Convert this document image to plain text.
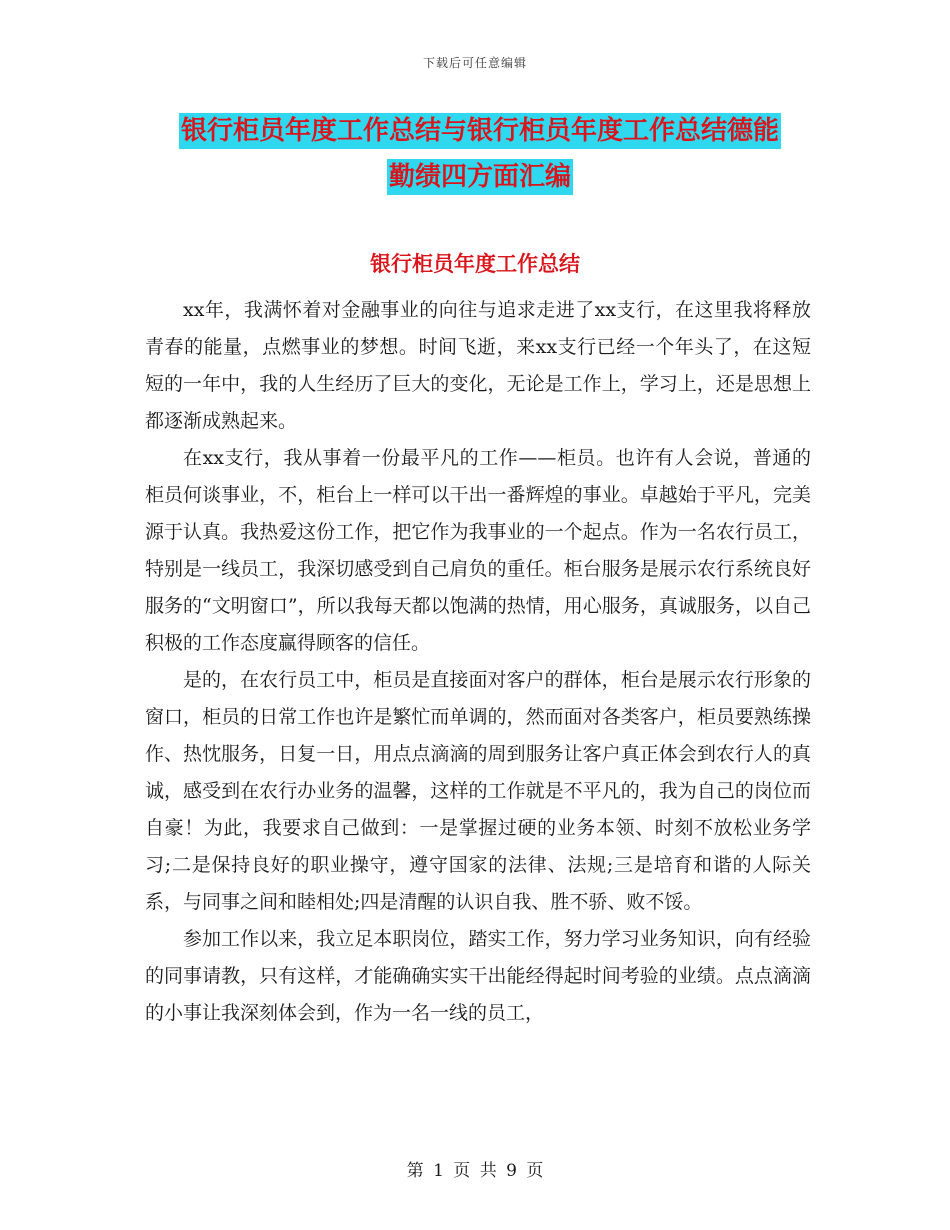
下载后可任意编辑
银行柜员年度工作总结与银行柜员年度工作总结德能
勤绩四方面汇编
银行柜员年度工作总结

xx年，我满怀着对金融事业的向往与追求走进了xx支行，在这里我将释放青春的能量，点燃事业的梦想。时间飞逝，来xx支行已经一个年头了，在这短短的一年中，我的人生经历了巨大的变化，无论是工作上，学习上，还是思想上都逐渐成熟起来。

在xx支行，我从事着一份最平凡的工作——柜员。也许有人会说，普通的柜员何谈事业，不，柜台上一样可以干出一番辉煌的事业。卓越始于平凡，完美源于认真。我热爱这份工作，把它作为我事业的一个起点。作为一名农行员工，特别是一线员工，我深切感受到自己肩负的重任。柜台服务是展示农行系统良好服务的“文明窗口”，所以我每天都以饱满的热情，用心服务，真诚服务，以自己积极的工作态度赢得顾客的信任。

是的，在农行员工中，柜员是直接面对客户的群体，柜台是展示农行形象的窗口，柜员的日常工作也许是繁忙而单调的，然而面对各类客户，柜员要熟练操作、热忱服务，日复一日，用点点滴滴的周到服务让客户真正体会到农行人的真诚，感受到在农行办业务的温馨，这样的工作就是不平凡的，我为自己的岗位而自豪！为此，我要求自己做到：一是掌握过硬的业务本领、时刻不放松业务学习;二是保持良好的职业操守，遵守国家的法律、法规;三是培育和谐的人际关系，与同事之间和睦相处;四是清醒的认识自我、胜不骄、败不馁。

参加工作以来，我立足本职岗位，踏实工作，努力学习业务知识，向有经验的同事请教，只有这样，才能确确实实干出能经得起时间考验的业绩。点点滴滴的小事让我深刻体会到，作为一名一线的员工，

第 1 页 共 9 页
